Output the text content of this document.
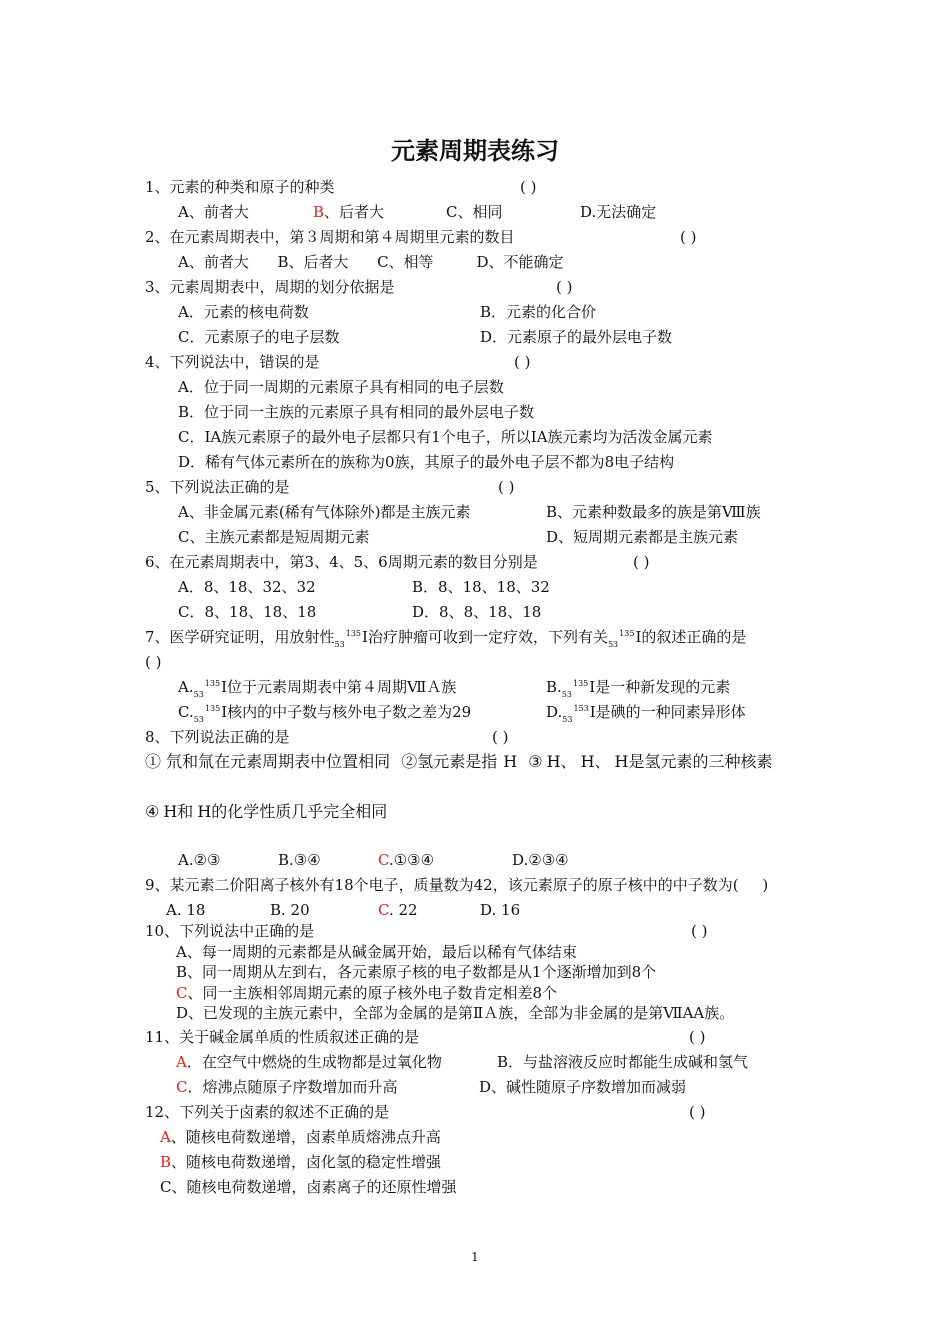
元素周期表练习
1、元素的种类和原子的种类	( )
A、前者大	B、后者大	C、相同	D.无法确定
2、在元素周期表中，第３周期和第４周期里元素的数目	( )
A、前者大      B、后者大      C、相等         D、不能确定
3、元素周期表中，周期的划分依据是	( )
A．元素的核电荷数	B．元素的化合价
C．元素原子的电子层数	D．元素原子的最外层电子数
4、下列说法中，错误的是	( )
A．位于同一周期的元素原子具有相同的电子层数
B．位于同一主族的元素原子具有相同的最外层电子数
C．IA族元素原子的最外电子层都只有1个电子，所以IA族元素均为活泼金属元素
D．稀有气体元素所在的族称为0族，其原子的最外电子层不都为8电子结构
5、下列说法正确的是	( )
A、非金属元素(稀有气体除外)都是主族元素	B、元素种数最多的族是第Ⅷ族
C、主族元素都是短周期元素	D、短周期元素都是主族元素
6、在元素周期表中，第3、4、5、6周期元素的数目分别是	( )
A．8、18、32、32	B．8、18、18、32
C．8、18、18、18	D．8、8、18、18
7、医学研究证明，用放射性$_{53}^{135}$I治疗肿瘤可收到一定疗效，下列有关$_{53}^{135}$I的叙述正确的是
( )
$A._{53}^{135}I$位于元素周期表中第４周期ⅦＡ族	$B._{53}^{135}I$是一种新发现的元素
$C._{53}^{135}I$核内的中子数与核外电子数之差为29	$D._{53}^{153}I$是碘的一种同素异形体
8、下列说法正确的是	( )
① 氘和氚在元素周期表中位置相同 ②氢元素是指 H ③ H、 H、 H是氢元素的三种核素
④ H和 H的化学性质几乎完全相同
A.②③	B.③④	C.①③④	D.②③④
9、某元素二价阳离子核外有18个电子，质量数为42，该元素原子的原子核中的中子数为(     )
A. 18	B. 20	C. 22	D. 16
10、下列说法中正确的是	( )
A、每一周期的元素都是从碱金属开始，最后以稀有气体结束
B、同一周期从左到右，各元素原子核的电子数都是从1个逐渐增加到8个
C、同一主族相邻周期元素的原子核外电子数肯定相差8个
D、已发现的主族元素中，全部为金属的是第ⅡＡ族，全部为非金属的是第ⅦAA族。
11、关于碱金属单质的性质叙述正确的是	( )
A．在空气中燃烧的生成物都是过氧化物	B．与盐溶液反应时都能生成碱和氢气
C．熔沸点随原子序数增加而升高	D、碱性随原子序数增加而减弱
12、下列关于卤素的叙述不正确的是	( )
A、随核电荷数递增，卤素单质熔沸点升高
B、随核电荷数递增，卤化氢的稳定性增强
C、随核电荷数递增，卤素离子的还原性增强
1
